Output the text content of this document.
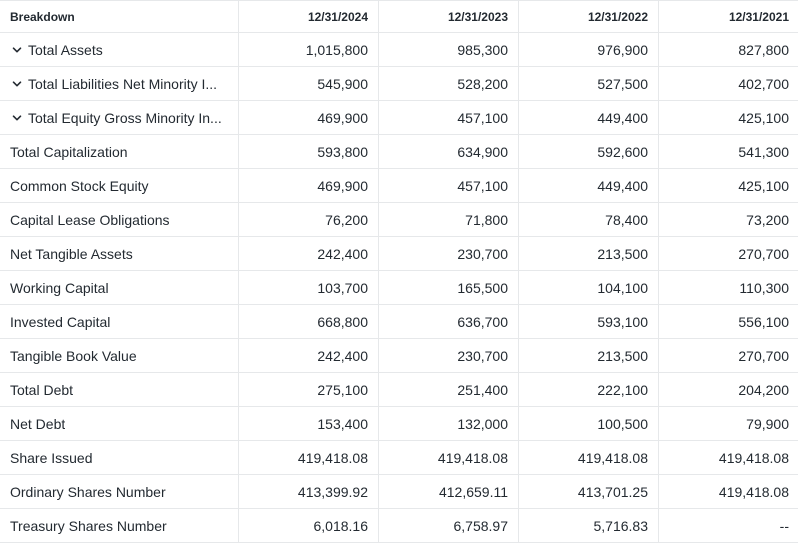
Breakdown	12/31/2024	12/31/2023	12/31/2022	12/31/2021
Total Assets	1,015,800	985,300	976,900	827,800
Total Liabilities Net Minority I...	545,900	528,200	527,500	402,700
Total Equity Gross Minority In...	469,900	457,100	449,400	425,100
Total Capitalization	593,800	634,900	592,600	541,300
Common Stock Equity	469,900	457,100	449,400	425,100
Capital Lease Obligations	76,200	71,800	78,400	73,200
Net Tangible Assets	242,400	230,700	213,500	270,700
Working Capital	103,700	165,500	104,100	110,300
Invested Capital	668,800	636,700	593,100	556,100
Tangible Book Value	242,400	230,700	213,500	270,700
Total Debt	275,100	251,400	222,100	204,200
Net Debt	153,400	132,000	100,500	79,900
Share Issued	419,418.08	419,418.08	419,418.08	419,418.08
Ordinary Shares Number	413,399.92	412,659.11	413,701.25	419,418.08
Treasury Shares Number	6,018.16	6,758.97	5,716.83	--
